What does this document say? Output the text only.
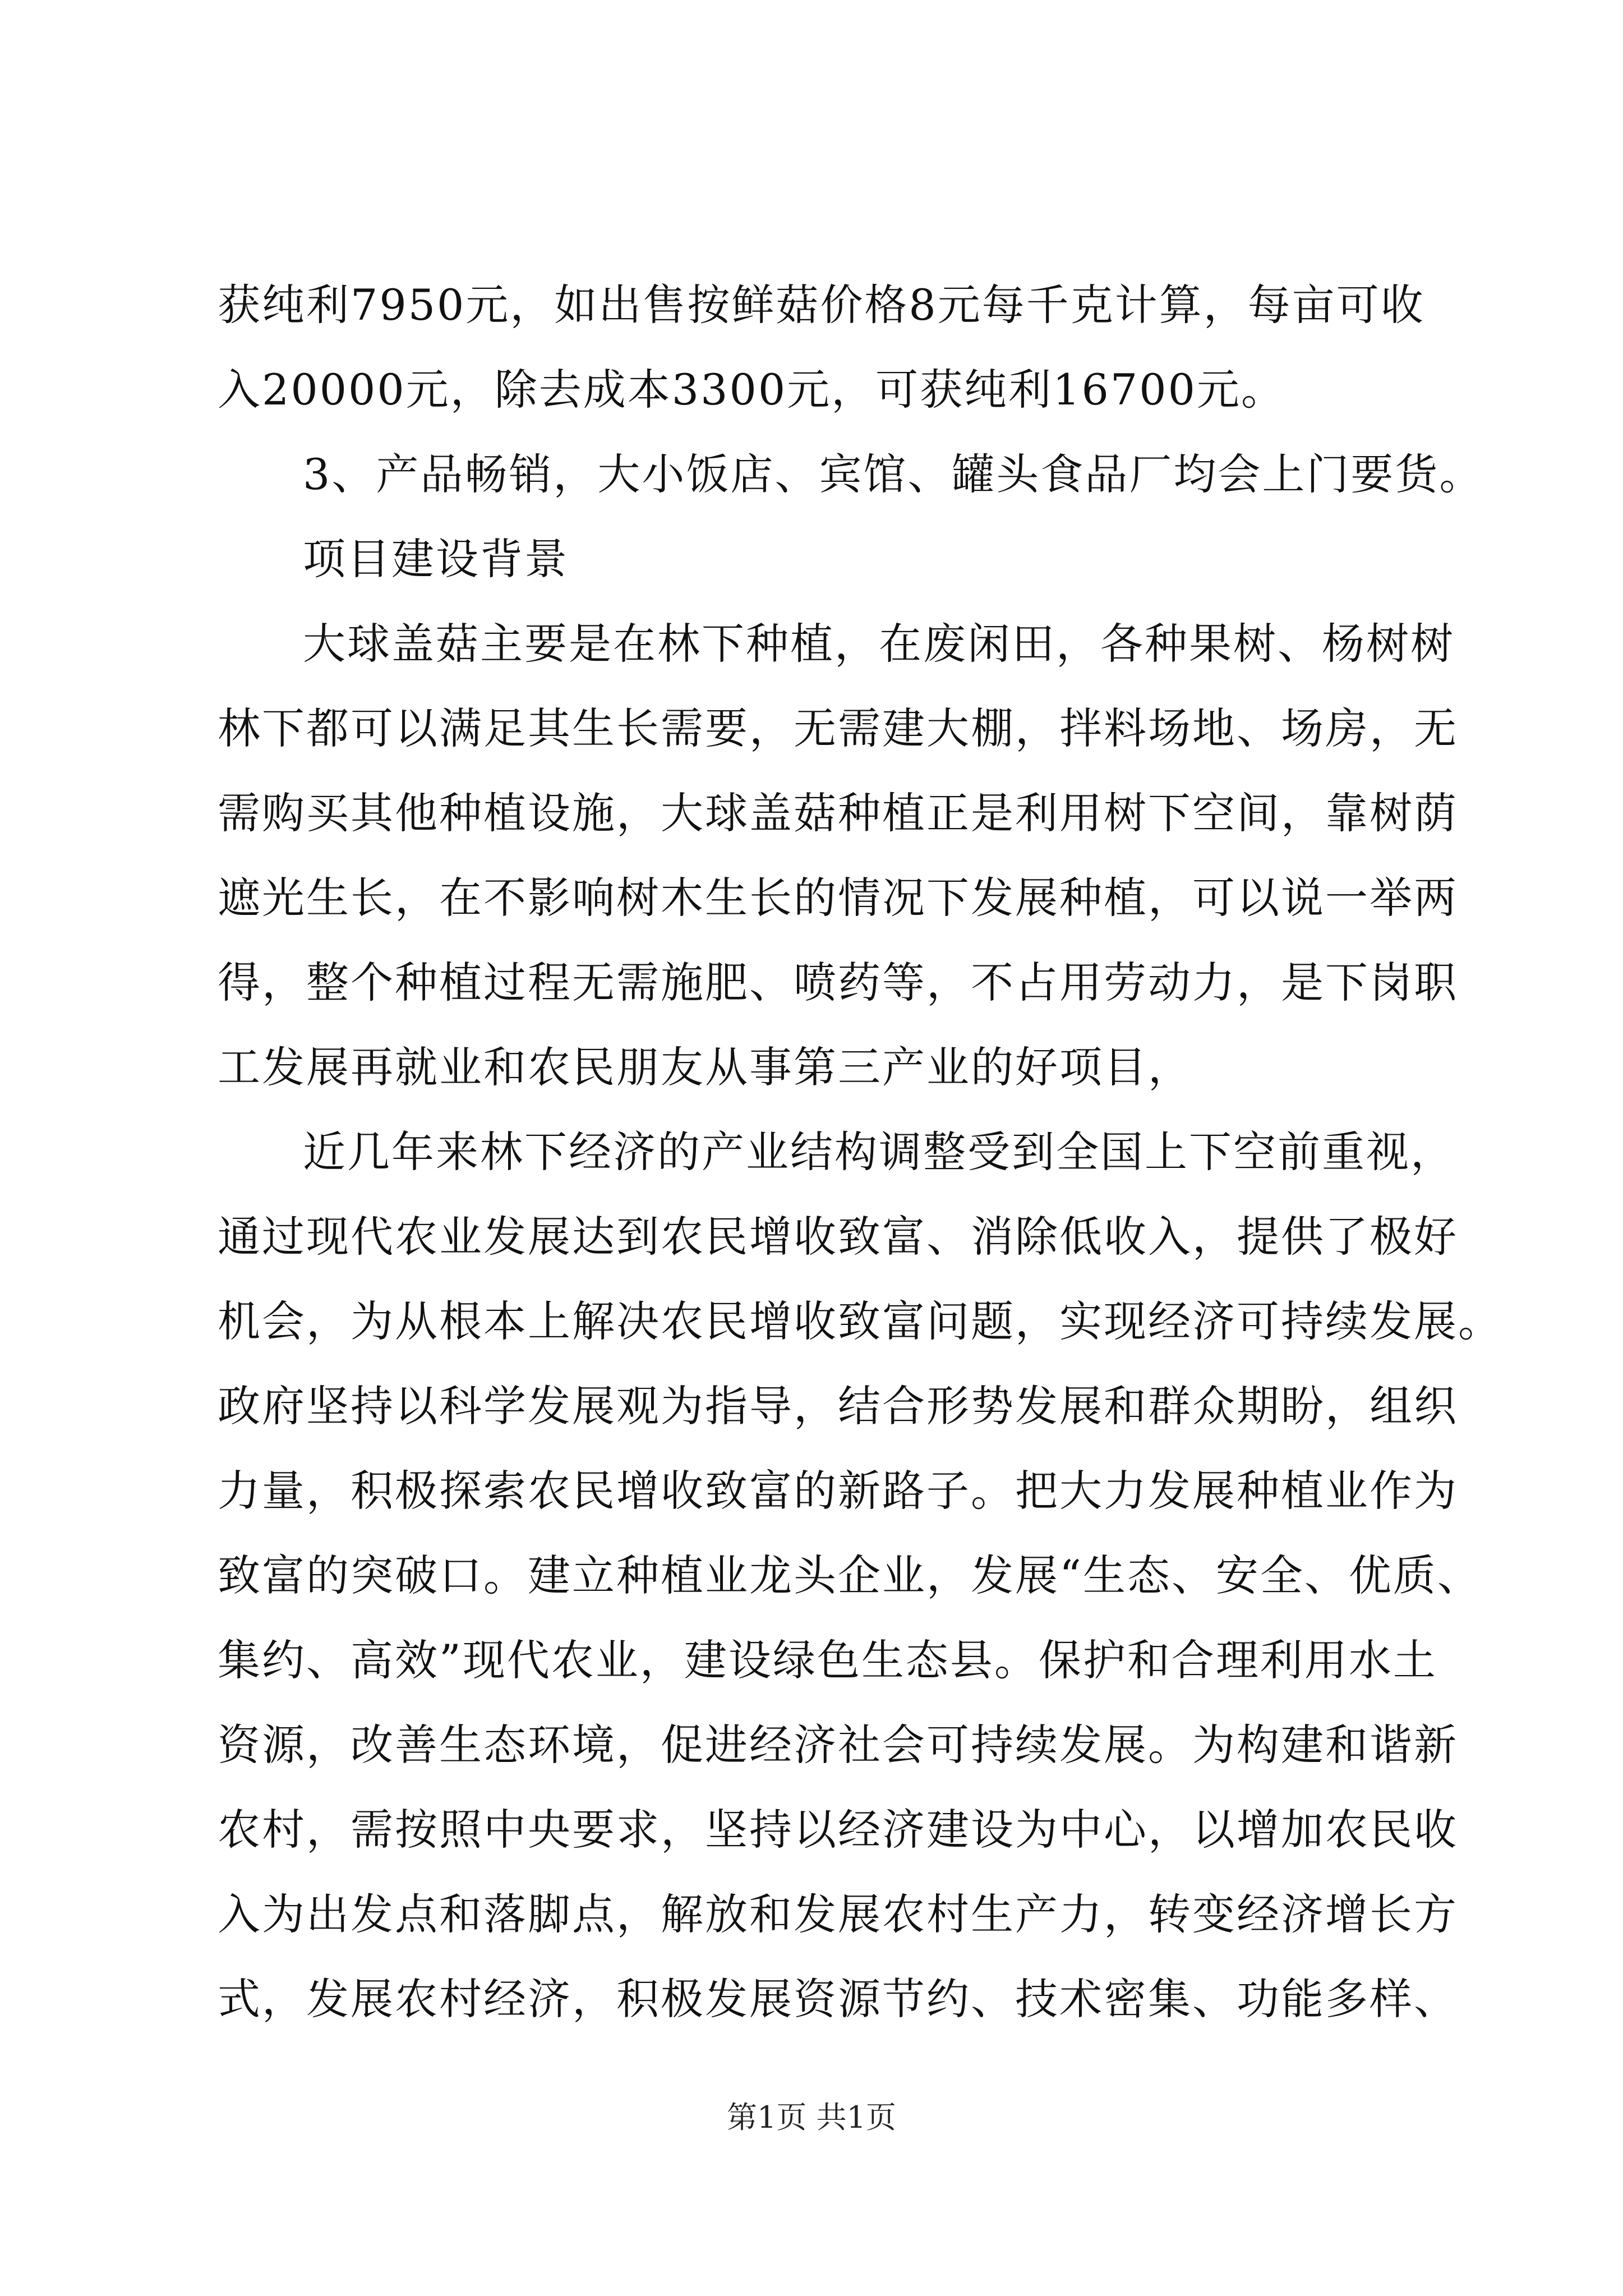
获纯利7950元，如出售按鲜菇价格8元每千克计算，每亩可收
入20000元，除去成本3300元，可获纯利16700元。
3、产品畅销，大小饭店、宾馆、罐头食品厂均会上门要货。
项目建设背景
大球盖菇主要是在林下种植，在废闲田，各种果树、杨树树
林下都可以满足其生长需要，无需建大棚，拌料场地、场房，无
需购买其他种植设施，大球盖菇种植正是利用树下空间，靠树荫
遮光生长，在不影响树木生长的情况下发展种植，可以说一举两
得，整个种植过程无需施肥、喷药等，不占用劳动力，是下岗职
工发展再就业和农民朋友从事第三产业的好项目，
近几年来林下经济的产业结构调整受到全国上下空前重视，
通过现代农业发展达到农民增收致富、消除低收入，提供了极好
机会，为从根本上解决农民增收致富问题，实现经济可持续发展。
政府坚持以科学发展观为指导，结合形势发展和群众期盼，组织
力量，积极探索农民增收致富的新路子。把大力发展种植业作为
致富的突破口。建立种植业龙头企业，发展“生态、安全、优质、
集约、高效”现代农业，建设绿色生态县。保护和合理利用水土
资源，改善生态环境，促进经济社会可持续发展。为构建和谐新
农村，需按照中央要求，坚持以经济建设为中心，以增加农民收
入为出发点和落脚点，解放和发展农村生产力，转变经济增长方
式，发展农村经济，积极发展资源节约、技术密集、功能多样、
第1页 共1页
